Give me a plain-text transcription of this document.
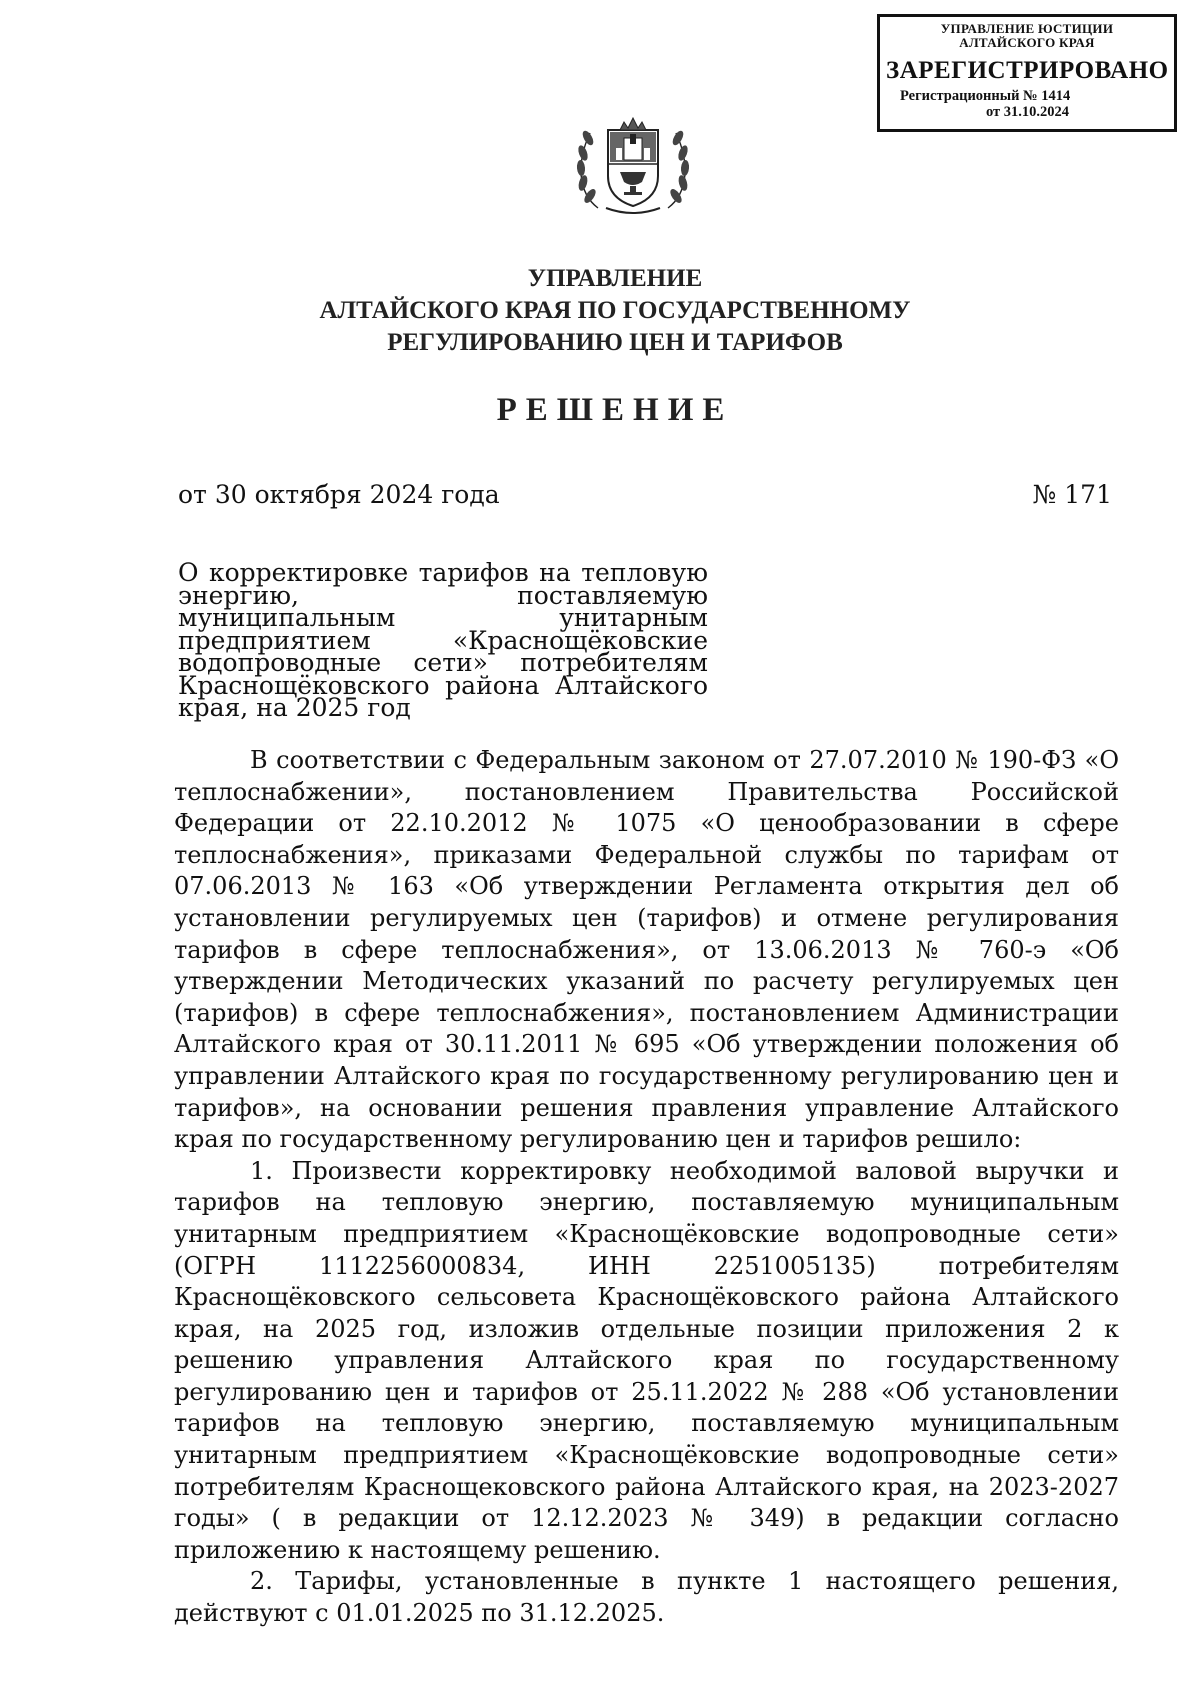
УПРАВЛЕНИЕ ЮСТИЦИИ
АЛТАЙСКОГО КРАЯ
ЗАРЕГИСТРИРОВАНО
Регистрационный № 1414
от 31.10.2024
УПРАВЛЕНИЕ
АЛТАЙСКОГО КРАЯ ПО ГОСУДАРСТВЕННОМУ
РЕГУЛИРОВАНИЮ ЦЕН И ТАРИФОВ
РЕШЕНИЕ
от 30 октября 2024 года	№ 171
О корректировке тарифов на тепловую энергию, поставляемую муниципальным унитарным предприятием «Краснощёковские водопроводные сети» потребителям Краснощёковского района Алтайского края, на 2025 год

В соответствии с Федеральным законом от 27.07.2010 № 190-ФЗ «О теплоснабжении», постановлением Правительства Российской Федерации от 22.10.2012 № 1075 «О ценообразовании в сфере теплоснабжения», приказами Федеральной службы по тарифам от 07.06.2013 № 163 «Об утверждении Регламента открытия дел об установлении регулируемых цен (тарифов) и отмене регулирования тарифов в сфере теплоснабжения», от 13.06.2013 № 760-э «Об утверждении Методических указаний по расчету регулируемых цен (тарифов) в сфере теплоснабжения», постановлением Администрации Алтайского края от 30.11.2011 № 695 «Об утверждении положения об управлении Алтайского края по государственному регулированию цен и тарифов», на основании решения правления управление Алтайского края по государственному регулированию цен и тарифов решило:

1. Произвести корректировку необходимой валовой выручки и тарифов на тепловую энергию, поставляемую муниципальным унитарным предприятием «Краснощёковские водопроводные сети» (ОГРН 1112256000834, ИНН 2251005135) потребителям Краснощёковского сельсовета Краснощёковского района Алтайского края, на 2025 год, изложив отдельные позиции приложения 2 к решению управления Алтайского края по государственному регулированию цен и тарифов от 25.11.2022 № 288 «Об установлении тарифов на тепловую энергию, поставляемую муниципальным унитарным предприятием «Краснощёковские водопроводные сети» потребителям Краснощековского района Алтайского края, на 2023-2027 годы» ( в редакции от 12.12.2023 № 349) в редакции согласно приложению к настоящему решению.

2. Тарифы, установленные в пункте 1 настоящего решения, действуют с 01.01.2025 по 31.12.2025.
